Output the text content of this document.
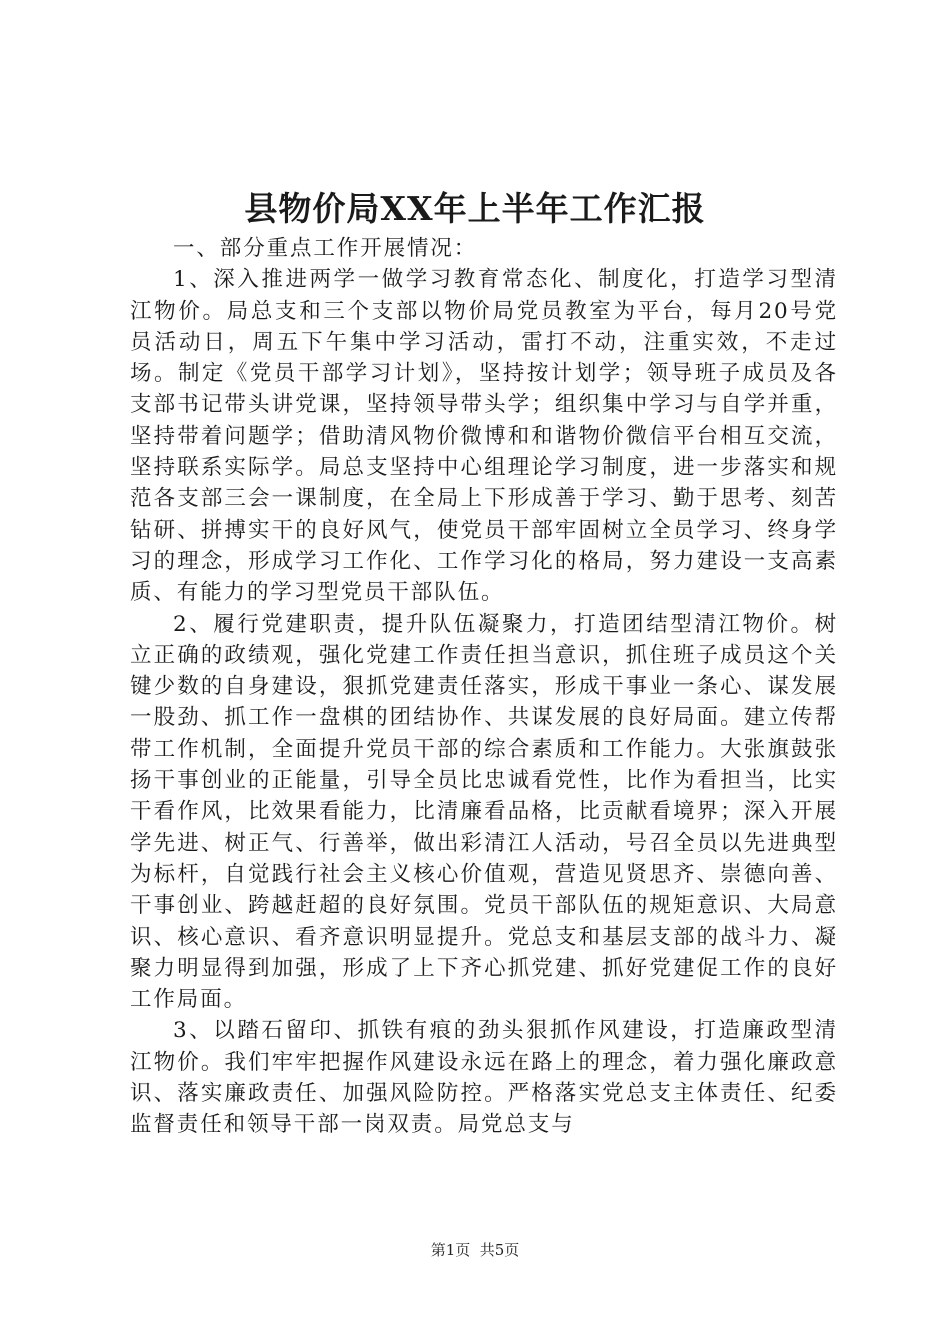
县物价局XX年上半年工作汇报

一、部分重点工作开展情况：

1、深入推进两学一做学习教育常态化、制度化，打造学习型清江物价。局总支和三个支部以物价局党员教室为平台，每月20号党员活动日，周五下午集中学习活动，雷打不动，注重实效，不走过场。制定《党员干部学习计划》，坚持按计划学；领导班子成员及各支部书记带头讲党课，坚持领导带头学；组织集中学习与自学并重，坚持带着问题学；借助清风物价微博和和谐物价微信平台相互交流，坚持联系实际学。局总支坚持中心组理论学习制度，进一步落实和规范各支部三会一课制度，在全局上下形成善于学习、勤于思考、刻苦钻研、拼搏实干的良好风气，使党员干部牢固树立全员学习、终身学习的理念，形成学习工作化、工作学习化的格局，努力建设一支高素质、有能力的学习型党员干部队伍。

2、履行党建职责，提升队伍凝聚力，打造团结型清江物价。树立正确的政绩观，强化党建工作责任担当意识，抓住班子成员这个关键少数的自身建设，狠抓党建责任落实，形成干事业一条心、谋发展一股劲、抓工作一盘棋的团结协作、共谋发展的良好局面。建立传帮带工作机制，全面提升党员干部的综合素质和工作能力。大张旗鼓张扬干事创业的正能量，引导全员比忠诚看党性，比作为看担当，比实干看作风，比效果看能力，比清廉看品格，比贡献看境界；深入开展学先进、树正气、行善举，做出彩清江人活动，号召全员以先进典型为标杆，自觉践行社会主义核心价值观，营造见贤思齐、崇德向善、干事创业、跨越赶超的良好氛围。党员干部队伍的规矩意识、大局意识、核心意识、看齐意识明显提升。党总支和基层支部的战斗力、凝聚力明显得到加强，形成了上下齐心抓党建、抓好党建促工作的良好工作局面。

3、以踏石留印、抓铁有痕的劲头狠抓作风建设，打造廉政型清江物价。我们牢牢把握作风建设永远在路上的理念，着力强化廉政意识、落实廉政责任、加强风险防控。严格落实党总支主体责任、纪委监督责任和领导干部一岗双责。局党总支与

第1页  共5页
